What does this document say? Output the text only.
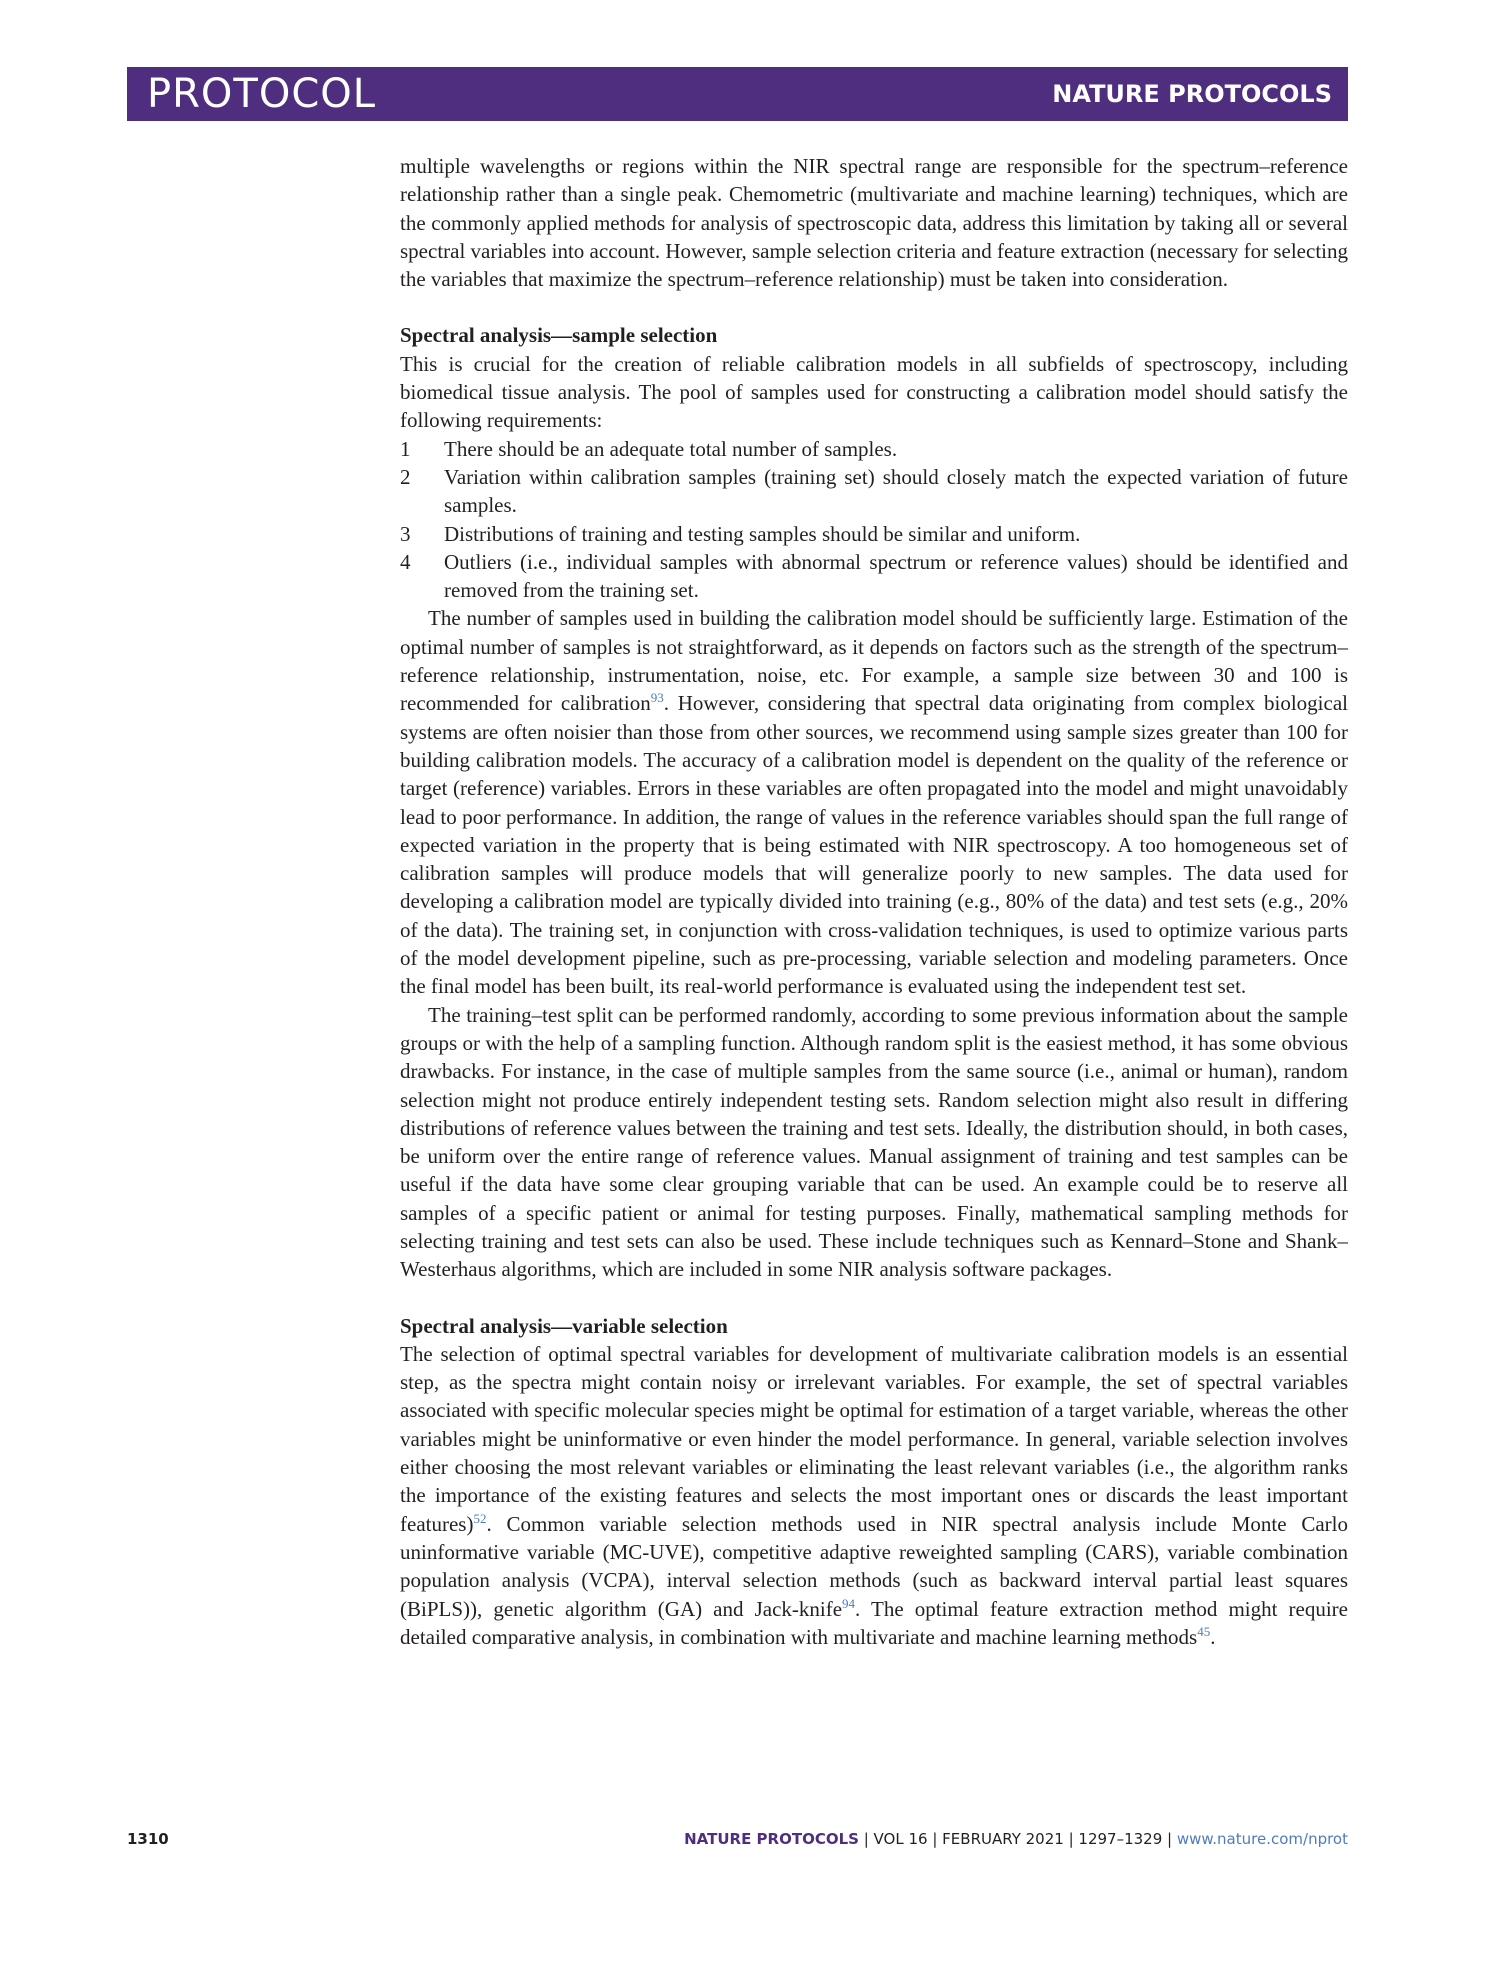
PROTOCOL	NATURE PROTOCOLS

multiple wavelengths or regions within the NIR spectral range are responsible for the spectrum–reference relationship rather than a single peak. Chemometric (multivariate and machine learning) techniques, which are the commonly applied methods for analysis of spectroscopic data, address this limitation by taking all or several spectral variables into account. However, sample selection criteria and feature extraction (necessary for selecting the variables that maximize the spectrum–reference relationship) must be taken into consideration.

Spectral analysis—sample selection

This is crucial for the creation of reliable calibration models in all subfields of spectroscopy, including biomedical tissue analysis. The pool of samples used for constructing a calibration model should satisfy the following requirements:

1 There should be an adequate total number of samples.
2 Variation within calibration samples (training set) should closely match the expected variation of future samples.
3 Distributions of training and testing samples should be similar and uniform.
4 Outliers (i.e., individual samples with abnormal spectrum or reference values) should be identified and removed from the training set.

The number of samples used in building the calibration model should be sufficiently large. Estimation of the optimal number of samples is not straightforward, as it depends on factors such as the strength of the spectrum–reference relationship, instrumentation, noise, etc. For example, a sample size between 30 and 100 is recommended for calibration$^{93}$. However, considering that spectral data originating from complex biological systems are often noisier than those from other sources, we recommend using sample sizes greater than 100 for building calibration models. The accuracy of a calibration model is dependent on the quality of the reference or target (reference) variables. Errors in these variables are often propagated into the model and might unavoidably lead to poor performance. In addition, the range of values in the reference variables should span the full range of expected variation in the property that is being estimated with NIR spectroscopy. A too homogeneous set of calibration samples will produce models that will generalize poorly to new samples. The data used for developing a calibration model are typically divided into training (e.g., 80% of the data) and test sets (e.g., 20% of the data). The training set, in conjunction with cross-validation techniques, is used to optimize various parts of the model development pipeline, such as pre-processing, variable selection and modeling parameters. Once the final model has been built, its real-world performance is evaluated using the independent test set.

The training–test split can be performed randomly, according to some previous information about the sample groups or with the help of a sampling function. Although random split is the easiest method, it has some obvious drawbacks. For instance, in the case of multiple samples from the same source (i.e., animal or human), random selection might not produce entirely independent testing sets. Random selection might also result in differing distributions of reference values between the training and test sets. Ideally, the distribution should, in both cases, be uniform over the entire range of reference values. Manual assignment of training and test samples can be useful if the data have some clear grouping variable that can be used. An example could be to reserve all samples of a specific patient or animal for testing purposes. Finally, mathematical sampling methods for selecting training and test sets can also be used. These include techniques such as Kennard–Stone and Shank–Westerhaus algorithms, which are included in some NIR analysis software packages.

Spectral analysis—variable selection

The selection of optimal spectral variables for development of multivariate calibration models is an essential step, as the spectra might contain noisy or irrelevant variables. For example, the set of spectral variables associated with specific molecular species might be optimal for estimation of a target variable, whereas the other variables might be uninformative or even hinder the model performance. In general, variable selection involves either choosing the most relevant variables or eliminating the least relevant variables (i.e., the algorithm ranks the importance of the existing features and selects the most important ones or discards the least important features)$^{52}$. Common variable selection methods used in NIR spectral analysis include Monte Carlo uninformative variable (MC-UVE), competitive adaptive reweighted sampling (CARS), variable combination population analysis (VCPA), interval selection methods (such as backward interval partial least squares (BiPLS)), genetic algorithm (GA) and Jack-knife$^{94}$. The optimal feature extraction method might require detailed comparative analysis, in combination with multivariate and machine learning methods$^{45}$.

1310	NATURE PROTOCOLS | VOL 16 | FEBRUARY 2021 | 1297–1329 | www.nature.com/nprot
